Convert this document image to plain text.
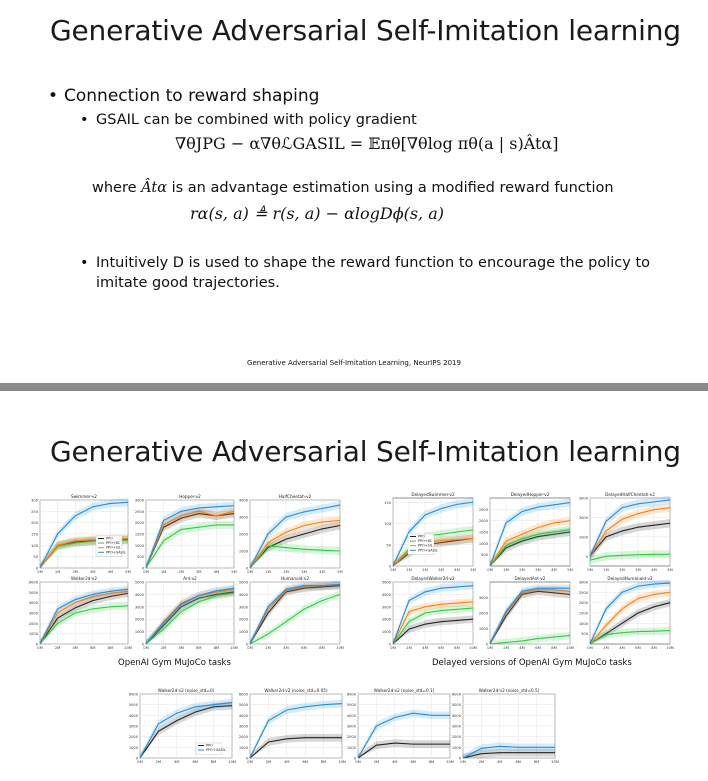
Generative Adversarial Self-Imitation learning
• Connection to reward shaping
• GSAIL can be combined with policy gradient
∇θJPG − α∇θℒGASIL = 𝔼πθ[∇θlog πθ(a | s)Âtα]
where Âtα is an advantage estimation using a modified reward function
rα(s, a) ≜ r(s, a) − αlogDϕ(s, a)
• Intuitively D is used to shape the reward function to encourage the policy to
imitate good trajectories.
Generative Adversarial Self-Imitation Learning, NeurIPS 2019
Generative Adversarial Self-Imitation learning
0
50
100
150
200
250
300
0M	1M	2M	3M	4M	5M
Swimmer-v2
0
500
1000
1500
2000
2500
3000
0M	1M	2M	3M	4M	5M
Hopper-v2
0
1000
2000
3000
4000
0M	1M	2M	3M	4M	5M
HalfCheetah-v2
0
1000
2000
3000
4000
5000
6000
0M	2M	4M	6M	8M	10M
Walker2d-v2
0
1000
2000
3000
4000
5000
0M	2M	4M	6M	8M	10M
Ant-v2
0
1000
2000
3000
4000
5000
0M	2M	4M	6M	8M	10M
Humanoid-v2
0
50
100
150
0M	1M	2M	3M	4M	5M
DelayedSwimmer-v2
500
1000
1500
2000
2500
0M	1M	2M	3M	4M	5M
DelayedHopper-v2
0
1000
2000
3000
0M	1M	2M	3M	4M	5M
DelayedHalfCheetah-v2
0
1000
2000
3000
4000
5000
0M	2M	4M	6M	8M	10M
DelayedWalker2d-v2
0
1000
2000
3000
0M	2M	4M	6M	8M	10M
DelayedAnt-v2
500
1000
1500
2000
2500
3000
0M	2M	4M	6M	8M	10M
DelayedHumanoid-v2
0
1000
2000
3000
4000
5000
6000
0M	2M	4M	6M	8M	10M
Walker2d-v2 (noise_std=0)
0
1000
2000
3000
4000
5000
6000
0M	2M	4M	6M	8M	10M
Walker2d-v2 (noise_std=0.05)
0
1000
2000
3000
4000
5000
6000
0M	2M	4M	6M	8M	10M
Walker2d-v2 (noise_std=0.1)
0
1000
2000
3000
4000
5000
6000
0M	2M	4M	6M	8M	10M
Walker2d-v2 (noise_std=0.5)
PPO
PPO+BC
PPO+SIL
PPO+GASIL
PPO
PPO+BC
PPO+SIL
PPO+GASIL
PPO
PPO+GASIL
OpenAI Gym MuJoCo tasks	Delayed versions of OpenAI Gym MuJoCo tasks
